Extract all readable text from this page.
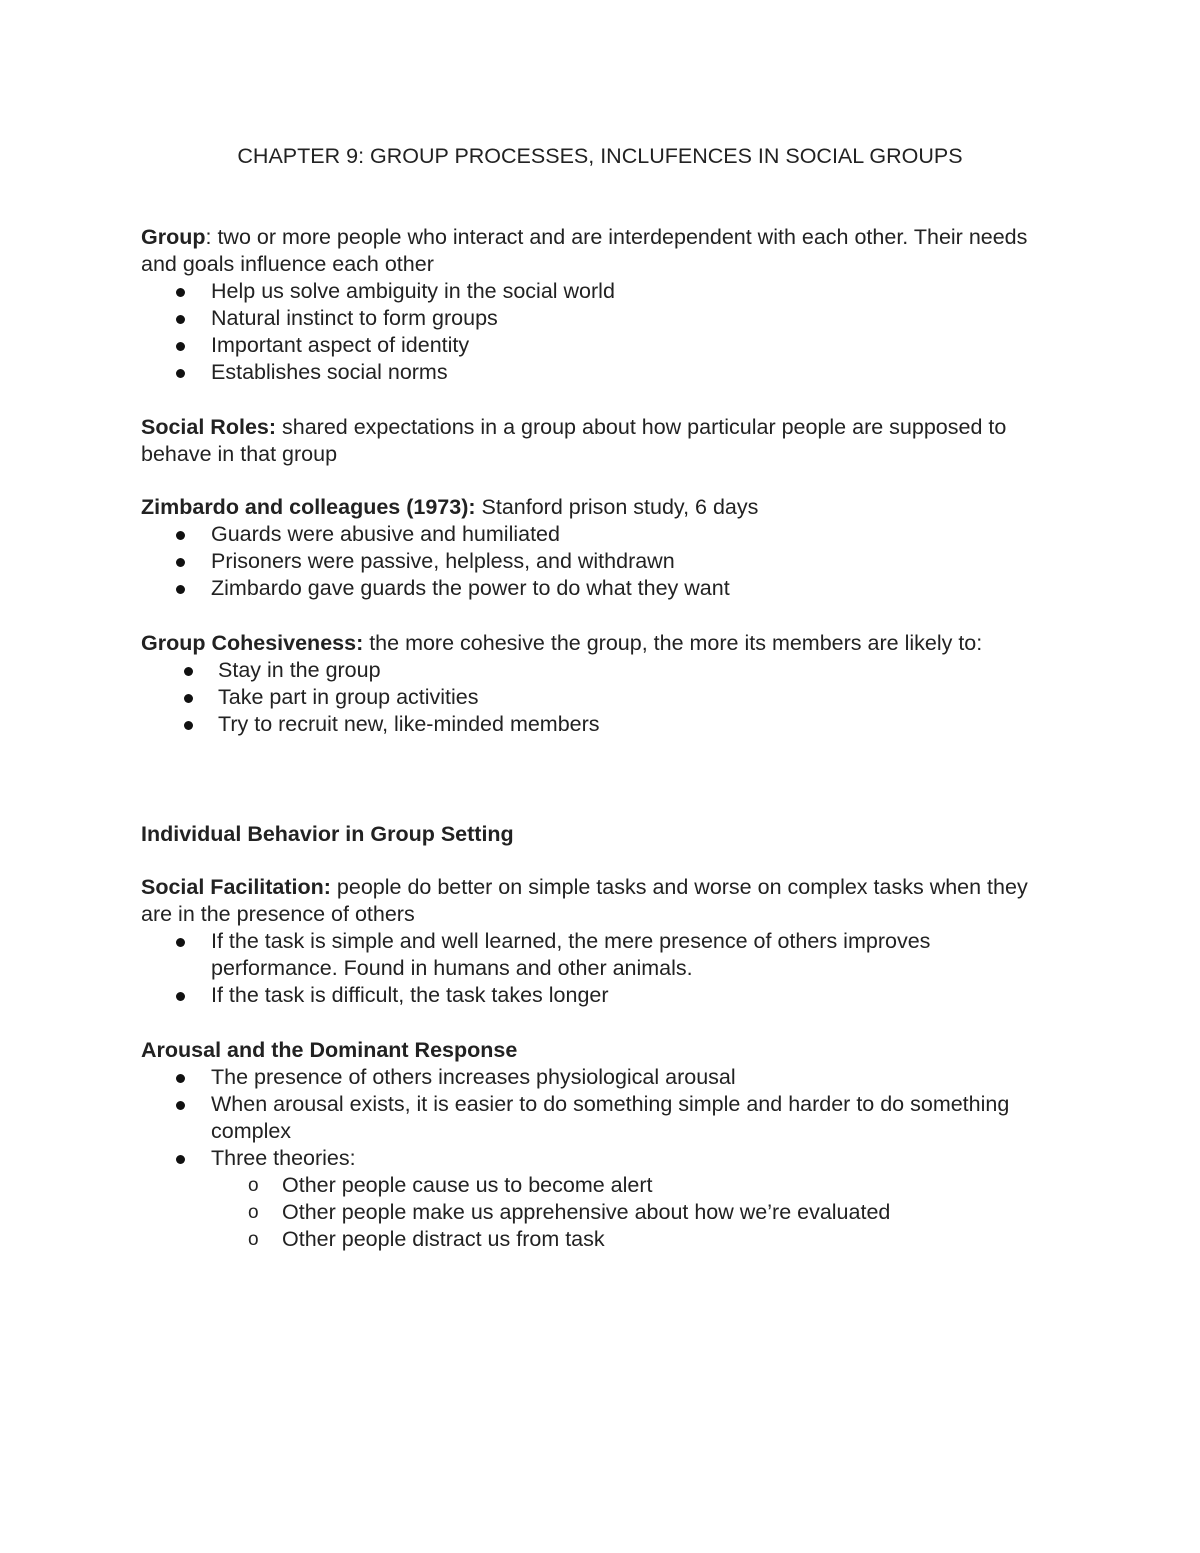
CHAPTER 9: GROUP PROCESSES, INCLUFENCES IN SOCIAL GROUPS

Group: two or more people who interact and are interdependent with each other. Their needs and goals influence each other

Help us solve ambiguity in the social world
Natural instinct to form groups
Important aspect of identity
Establishes social norms

Social Roles: shared expectations in a group about how particular people are supposed to behave in that group

Zimbardo and colleagues (1973): Stanford prison study, 6 days

Guards were abusive and humiliated
Prisoners were passive, helpless, and withdrawn
Zimbardo gave guards the power to do what they want

Group Cohesiveness: the more cohesive the group, the more its members are likely to:

Stay in the group
Take part in group activities
Try to recruit new, like-minded members

Individual Behavior in Group Setting

Social Facilitation: people do better on simple tasks and worse on complex tasks when they are in the presence of others

If the task is simple and well learned, the mere presence of others improves performance. Found in humans and other animals.
If the task is difficult, the task takes longer

Arousal and the Dominant Response

The presence of others increases physiological arousal
When arousal exists, it is easier to do something simple and harder to do something complex
Three theories:
o Other people cause us to become alert
o Other people make us apprehensive about how we’re evaluated
o Other people distract us from task
